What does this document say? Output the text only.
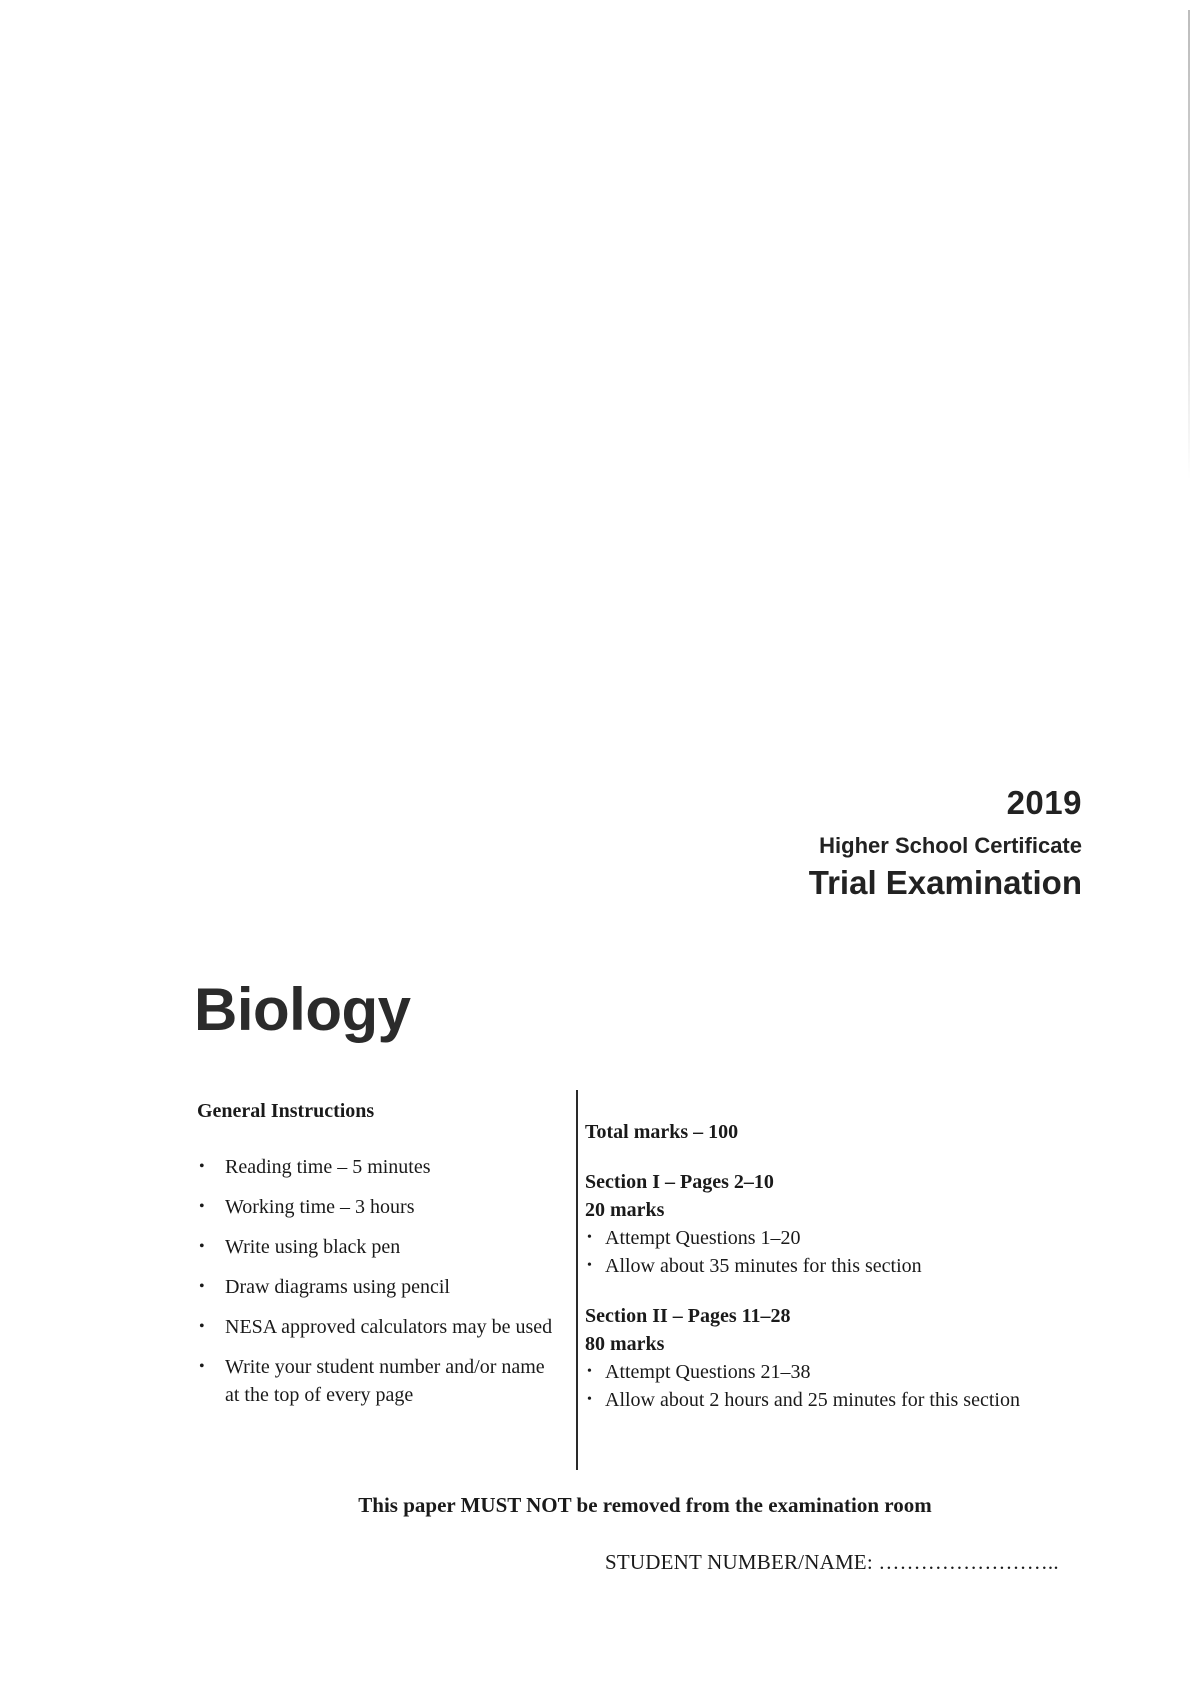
2019
Higher School Certificate
Trial Examination
Biology
General Instructions
• Reading time – 5 minutes
• Working time – 3 hours
• Write using black pen
• Draw diagrams using pencil
• NESA approved calculators may be used
• Write your student number and/or name at the top of every page
Total marks – 100
Section I – Pages 2–10
20 marks
• Attempt Questions 1–20
• Allow about 35 minutes for this section
Section II – Pages 11–28
80 marks
• Attempt Questions 21–38
• Allow about 2 hours and 25 minutes for this section
This paper MUST NOT be removed from the examination room
STUDENT NUMBER/NAME: ……………………..
